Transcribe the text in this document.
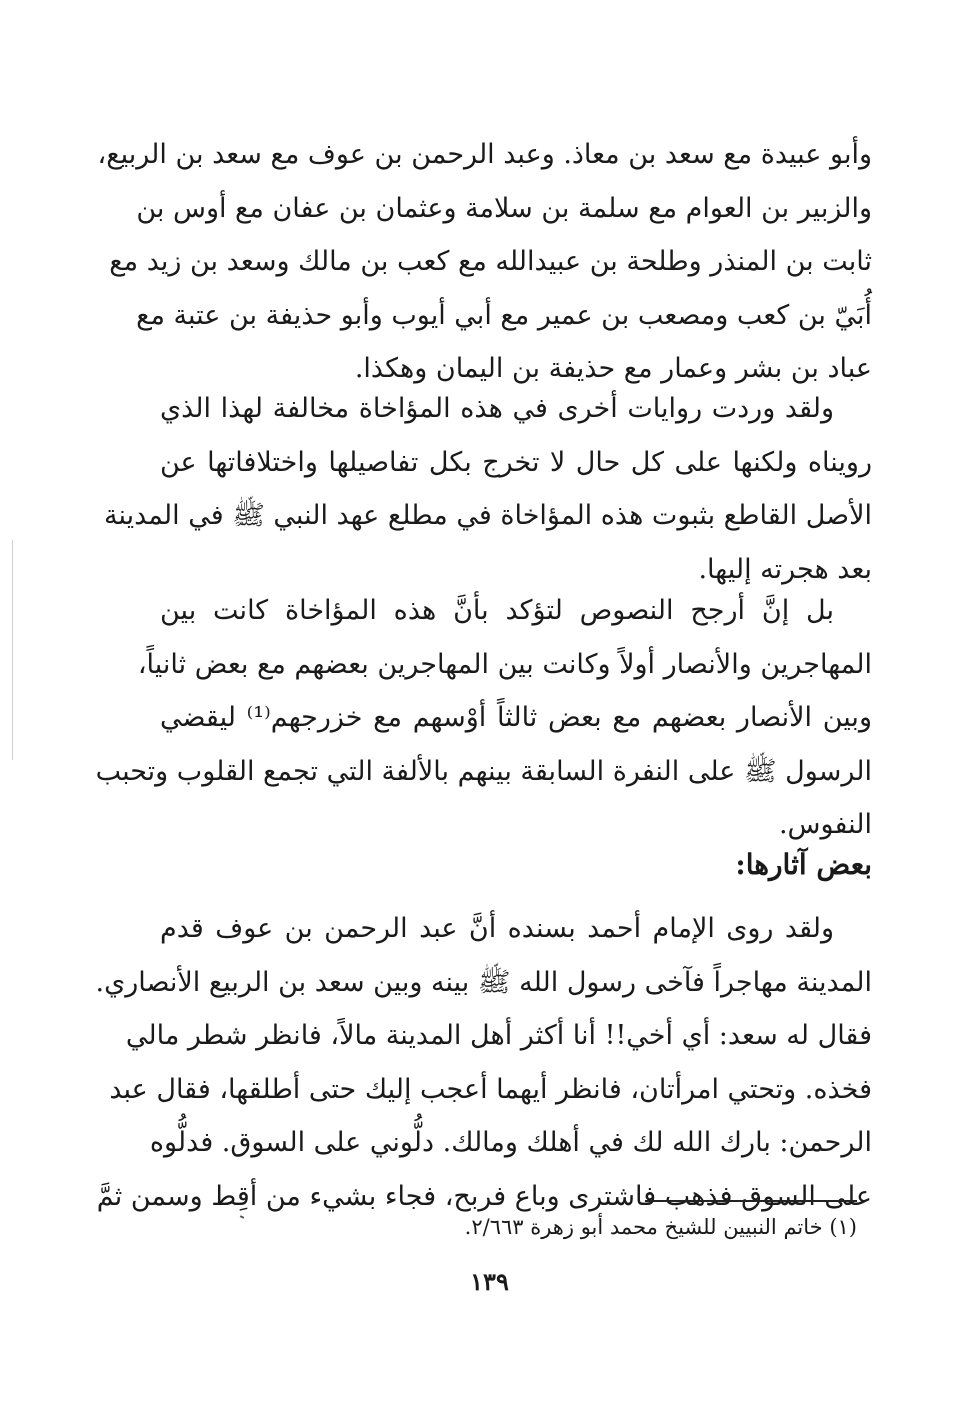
وأبو عبيدة مع سعد بن معاذ. وعبد الرحمن بن عوف مع سعد بن الربيع،
والزبير بن العوام مع سلمة بن سلامة وعثمان بن عفان مع أوس بن
ثابت بن المنذر وطلحة بن عبيدالله مع كعب بن مالك وسعد بن زيد مع
أُبَيّ بن كعب ومصعب بن عمير مع أبي أيوب وأبو حذيفة بن عتبة مع
عباد بن بشر وعمار مع حذيفة بن اليمان وهكذا.
ولقد وردت روايات أخرى في هذه المؤاخاة مخالفة لهذا الذي
رويناه ولكنها على كل حال لا تخرج بكل تفاصيلها واختلافاتها عن
الأصل القاطع بثبوت هذه المؤاخاة في مطلع عهد النبي ﷺ في المدينة
بعد هجرته إليها.
بل إنَّ أرجح النصوص لتؤكد بأنَّ هذه المؤاخاة كانت بين
المهاجرين والأنصار أولاً وكانت بين المهاجرين بعضهم مع بعض ثانياً،
وبين الأنصار بعضهم مع بعض ثالثاً أوْسهم مع خزرجهم⁽¹⁾ ليقضي
الرسول ﷺ على النفرة السابقة بينهم بالألفة التي تجمع القلوب وتحبب
النفوس.
بعض آثارها:
ولقد روى الإمام أحمد بسنده أنَّ عبد الرحمن بن عوف قدم
المدينة مهاجراً فآخى رسول الله ﷺ بينه وبين سعد بن الربيع الأنصاري.
فقال له سعد: أي أخي!! أنا أكثر أهل المدينة مالاً، فانظر شطر مالي
فخذه. وتحتي امرأتان، فانظر أيهما أعجب إليك حتى أطلقها، فقال عبد
الرحمن: بارك الله لك في أهلك ومالك. دلُّوني على السوق. فدلُّوه
على السوق فذهب فاشترى وباع فربح، فجاء بشيء من أقِط وسمن ثمَّ
(١) خاتم النبيين للشيخ محمد أبو زهرة ٢/٦٦٣.
١٣٩
